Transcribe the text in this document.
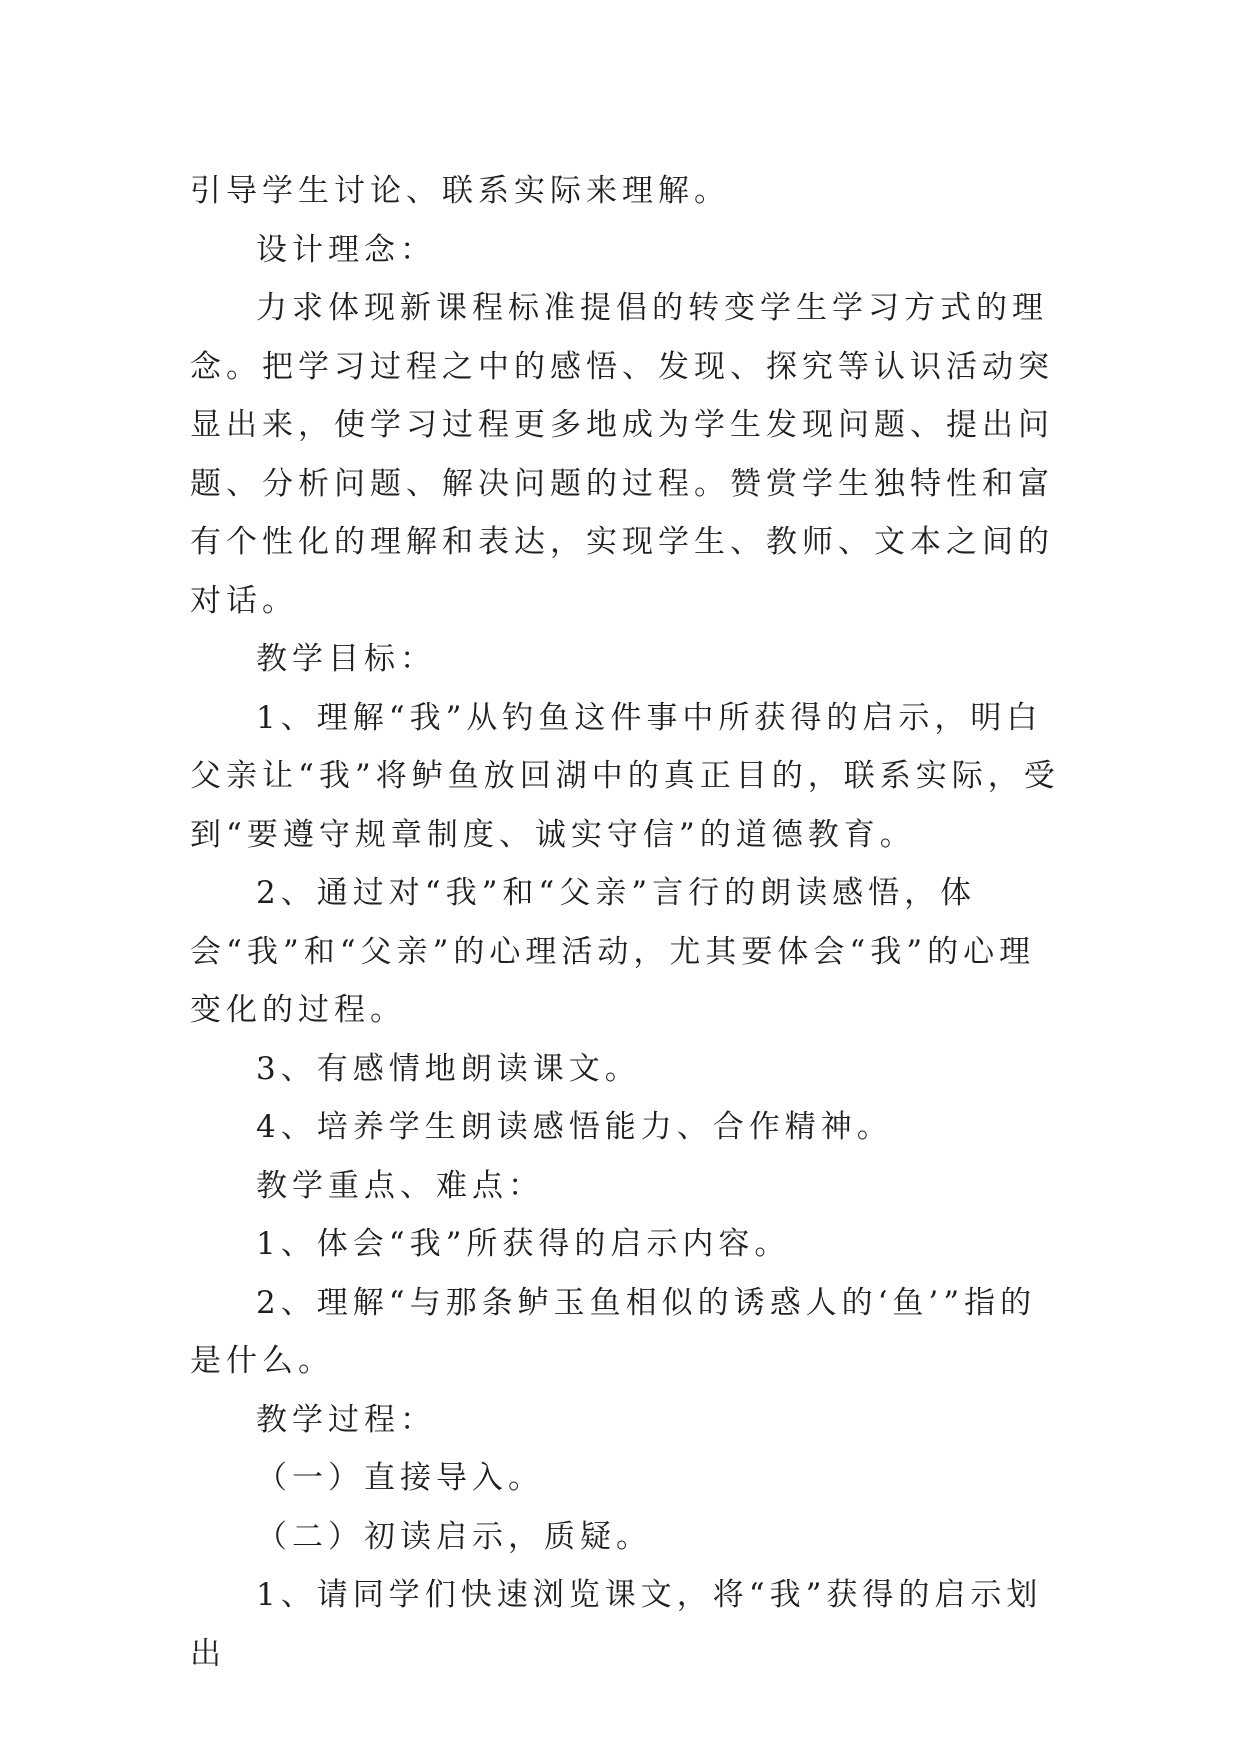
引导学生讨论、联系实际来理解。

设计理念：

力求体现新课程标准提倡的转变学生学习方式的理念。把学习过程之中的感悟、发现、探究等认识活动突显出来，使学习过程更多地成为学生发现问题、提出问题、分析问题、解决问题的过程。赞赏学生独特性和富有个性化的理解和表达，实现学生、教师、文本之间的对话。

教学目标：

1、理解“我”从钓鱼这件事中所获得的启示，明白父亲让“我”将鲈鱼放回湖中的真正目的，联系实际，受到“要遵守规章制度、诚实守信”的道德教育。

2、通过对“我”和“父亲”言行的朗读感悟，体会“我”和“父亲”的心理活动，尤其要体会“我”的心理变化的过程。

3、有感情地朗读课文。

4、培养学生朗读感悟能力、合作精神。

教学重点、难点：

1、体会“我”所获得的启示内容。

2、理解“与那条鲈玉鱼相似的诱惑人的‘鱼’”指的是什么。

教学过程：

（一）直接导入。

（二）初读启示，质疑。

1、请同学们快速浏览课文，将“我”获得的启示划出
